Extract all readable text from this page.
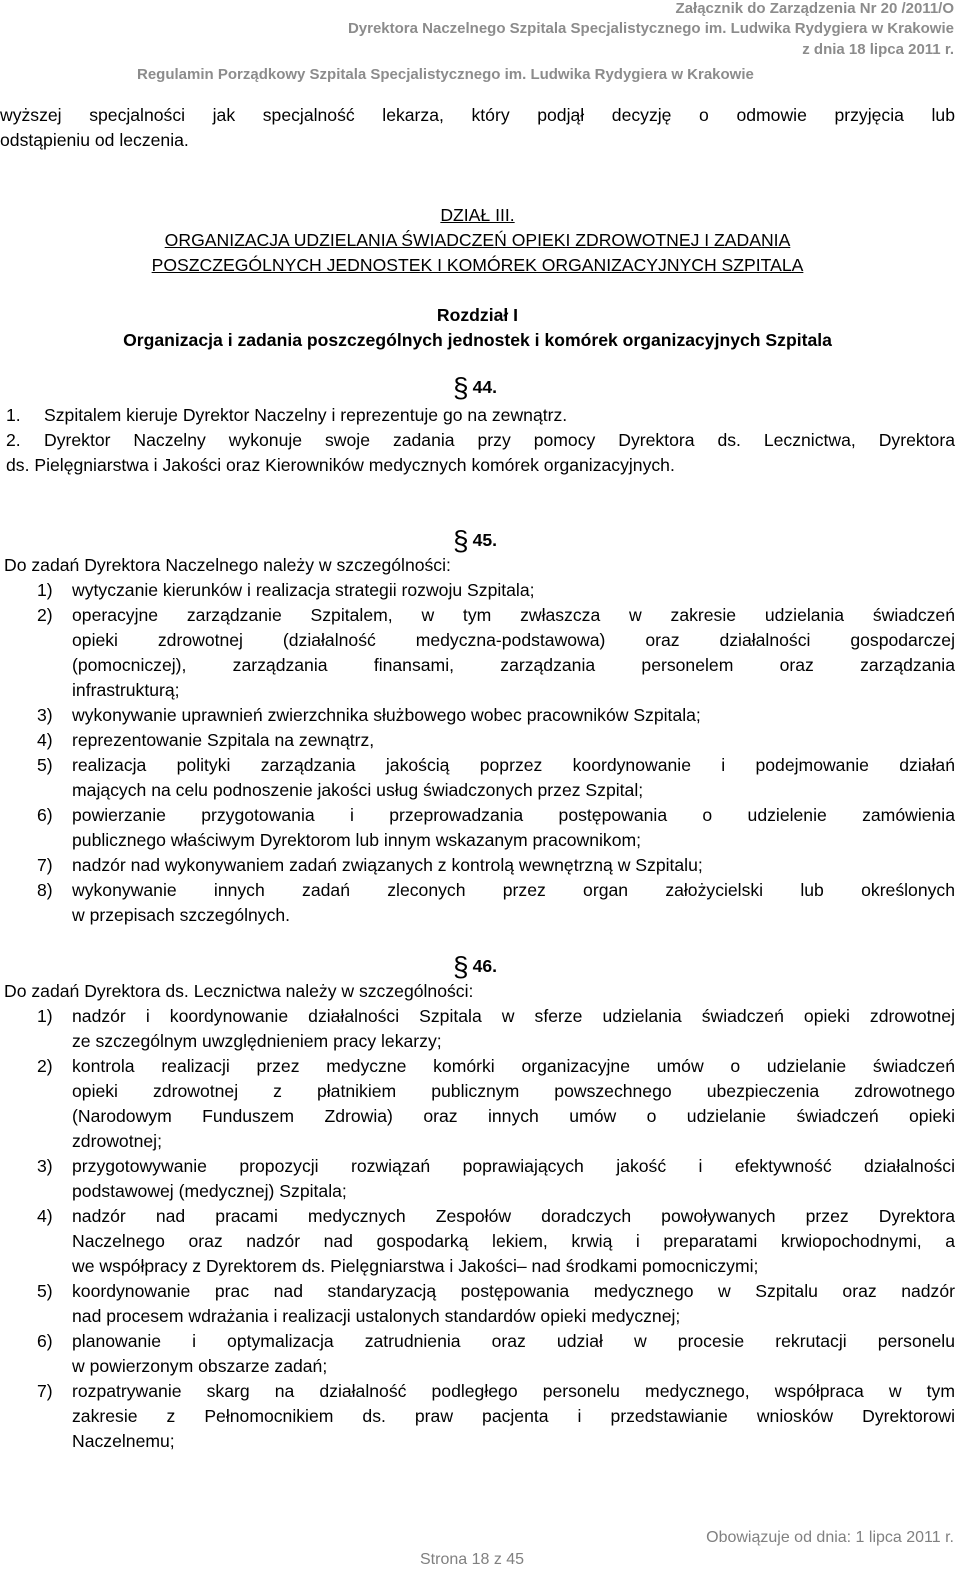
Załącznik do Zarządzenia Nr 20 /2011/O
Dyrektora Naczelnego Szpitala Specjalistycznego im. Ludwika Rydygiera w Krakowie
z dnia 18 lipca 2011 r.
Regulamin Porządkowy Szpitala Specjalistycznego im. Ludwika Rydygiera w Krakowie
wyższej specjalności jak specjalność lekarza, który podjął decyzję o odmowie przyjęcia lub
odstąpieniu od leczenia.
DZIAŁ III.
ORGANIZACJA UDZIELANIA ŚWIADCZEŃ OPIEKI ZDROWOTNEJ I ZADANIA
POSZCZEGÓLNYCH JEDNOSTEK I KOMÓREK ORGANIZACYJNYCH SZPITALA
Rozdział I
Organizacja i zadania poszczególnych jednostek i komórek organizacyjnych Szpitala
§ 44.
1. Szpitalem kieruje Dyrektor Naczelny i reprezentuje go na zewnątrz.
2. Dyrektor Naczelny wykonuje swoje zadania przy pomocy Dyrektora ds. Lecznictwa, Dyrektora
ds. Pielęgniarstwa i Jakości oraz Kierowników medycznych komórek organizacyjnych.
§ 45.
Do zadań Dyrektora Naczelnego należy w szczególności:
1) wytyczanie kierunków i realizacja strategii rozwoju Szpitala;
2) operacyjne zarządzanie Szpitalem, w tym zwłaszcza w zakresie udzielania świadczeń
opieki zdrowotnej (działalność medyczna-podstawowa) oraz działalności gospodarczej
(pomocniczej), zarządzania finansami, zarządzania personelem oraz zarządzania
infrastrukturą;
3) wykonywanie uprawnień zwierzchnika służbowego wobec pracowników Szpitala;
4) reprezentowanie Szpitala na zewnątrz,
5) realizacja polityki zarządzania jakością poprzez koordynowanie i podejmowanie działań
mających na celu podnoszenie jakości usług świadczonych przez Szpital;
6) powierzanie przygotowania i przeprowadzania postępowania o udzielenie zamówienia
publicznego właściwym Dyrektorom lub innym wskazanym pracownikom;
7) nadzór nad wykonywaniem zadań związanych z kontrolą wewnętrzną w Szpitalu;
8) wykonywanie innych zadań zleconych przez organ założycielski lub określonych
w przepisach szczególnych.
§ 46.
Do zadań Dyrektora ds. Lecznictwa należy w szczególności:
1) nadzór i koordynowanie działalności Szpitala w sferze udzielania świadczeń opieki zdrowotnej
ze szczególnym uwzględnieniem pracy lekarzy;
2) kontrola realizacji przez medyczne komórki organizacyjne umów o udzielanie świadczeń
opieki zdrowotnej z płatnikiem publicznym powszechnego ubezpieczenia zdrowotnego
(Narodowym Funduszem Zdrowia) oraz innych umów o udzielanie świadczeń opieki
zdrowotnej;
3) przygotowywanie propozycji rozwiązań poprawiających jakość i efektywność działalności
podstawowej (medycznej) Szpitala;
4) nadzór nad pracami medycznych Zespołów doradczych powoływanych przez Dyrektora
Naczelnego oraz nadzór nad gospodarką lekiem, krwią i preparatami krwiopochodnymi, a
we współpracy z Dyrektorem ds. Pielęgniarstwa i Jakości– nad środkami pomocniczymi;
5) koordynowanie prac nad standaryzacją postępowania medycznego w Szpitalu oraz nadzór
nad procesem wdrażania i realizacji ustalonych standardów opieki medycznej;
6) planowanie i optymalizacja zatrudnienia oraz udział w procesie rekrutacji personelu
w powierzonym obszarze zadań;
7) rozpatrywanie skarg na działalność podległego personelu medycznego, współpraca w tym
zakresie z Pełnomocnikiem ds. praw pacjenta i przedstawianie wniosków Dyrektorowi
Naczelnemu;
Obowiązuje od dnia: 1 lipca 2011 r.
Strona 18 z 45
